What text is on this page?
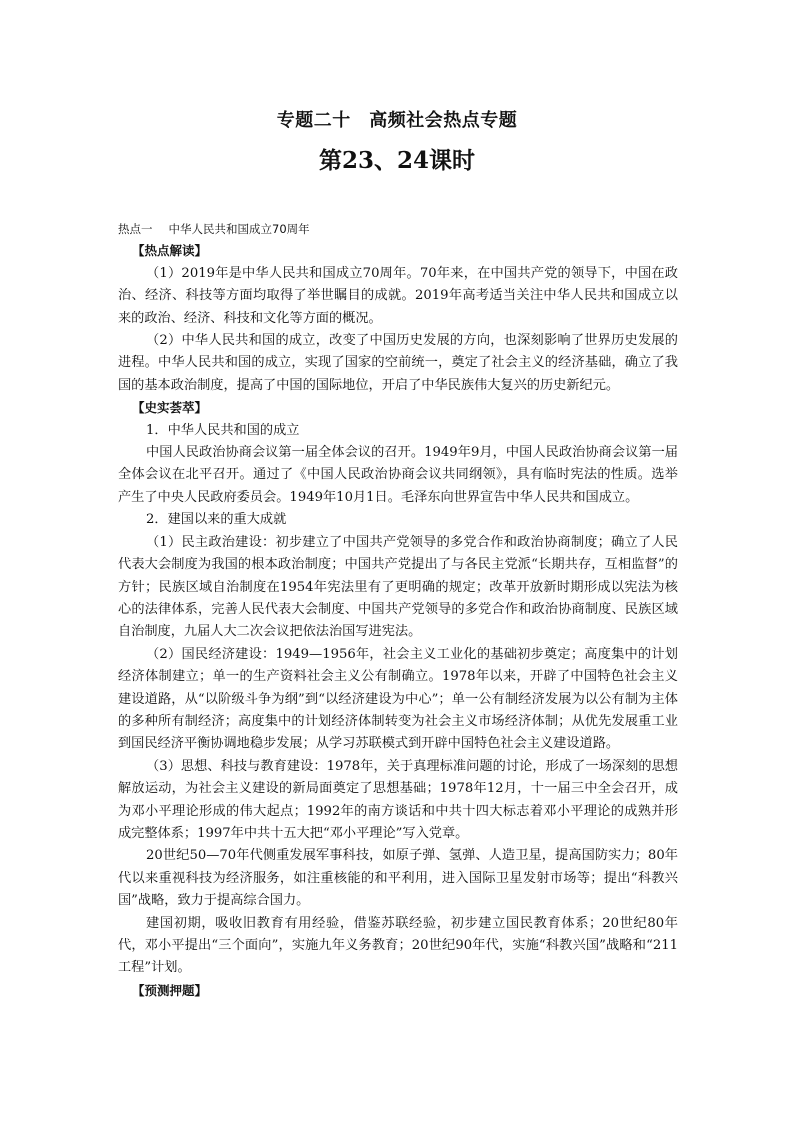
专题二十　高频社会热点专题
第23、24课时

热点一 中华人民共和国成立70周年

【热点解读】

（1）2019年是中华人民共和国成立70周年。70年来，在中国共产党的领导下，中国在政治、经济、科技等方面均取得了举世瞩目的成就。2019年高考适当关注中华人民共和国成立以来的政治、经济、科技和文化等方面的概况。

（2）中华人民共和国的成立，改变了中国历史发展的方向，也深刻影响了世界历史发展的进程。中华人民共和国的成立，实现了国家的空前统一，奠定了社会主义的经济基础，确立了我国的基本政治制度，提高了中国的国际地位，开启了中华民族伟大复兴的历史新纪元。

【史实荟萃】

1．中华人民共和国的成立

中国人民政治协商会议第一届全体会议的召开。1949年9月，中国人民政治协商会议第一届全体会议在北平召开。通过了《中国人民政治协商会议共同纲领》，具有临时宪法的性质。选举产生了中央人民政府委员会。1949年10月1日。毛泽东向世界宣告中华人民共和国成立。

2．建国以来的重大成就

（1）民主政治建设：初步建立了中国共产党领导的多党合作和政治协商制度；确立了人民代表大会制度为我国的根本政治制度；中国共产党提出了与各民主党派“长期共存，互相监督”的方针；民族区域自治制度在1954年宪法里有了更明确的规定；改革开放新时期形成以宪法为核心的法律体系，完善人民代表大会制度、中国共产党领导的多党合作和政治协商制度、民族区域自治制度，九届人大二次会议把依法治国写进宪法。

（2）国民经济建设：1949—1956年，社会主义工业化的基础初步奠定；高度集中的计划经济体制建立；单一的生产资料社会主义公有制确立。1978年以来，开辟了中国特色社会主义建设道路，从“以阶级斗争为纲”到“以经济建设为中心”；单一公有制经济发展为以公有制为主体的多种所有制经济；高度集中的计划经济体制转变为社会主义市场经济体制；从优先发展重工业到国民经济平衡协调地稳步发展；从学习苏联模式到开辟中国特色社会主义建设道路。

（3）思想、科技与教育建设：1978年，关于真理标准问题的讨论，形成了一场深刻的思想解放运动，为社会主义建设的新局面奠定了思想基础；1978年12月，十一届三中全会召开，成为邓小平理论形成的伟大起点；1992年的南方谈话和中共十四大标志着邓小平理论的成熟并形成完整体系；1997年中共十五大把“邓小平理论”写入党章。

20世纪50—70年代侧重发展军事科技，如原子弹、氢弹、人造卫星，提高国防实力；80年代以来重视科技为经济服务，如注重核能的和平利用，进入国际卫星发射市场等；提出“科教兴国”战略，致力于提高综合国力。

建国初期，吸收旧教育有用经验，借鉴苏联经验，初步建立国民教育体系；20世纪80年代，邓小平提出“三个面向”，实施九年义务教育；20世纪90年代，实施“科教兴国”战略和“211工程”计划。

【预测押题】
